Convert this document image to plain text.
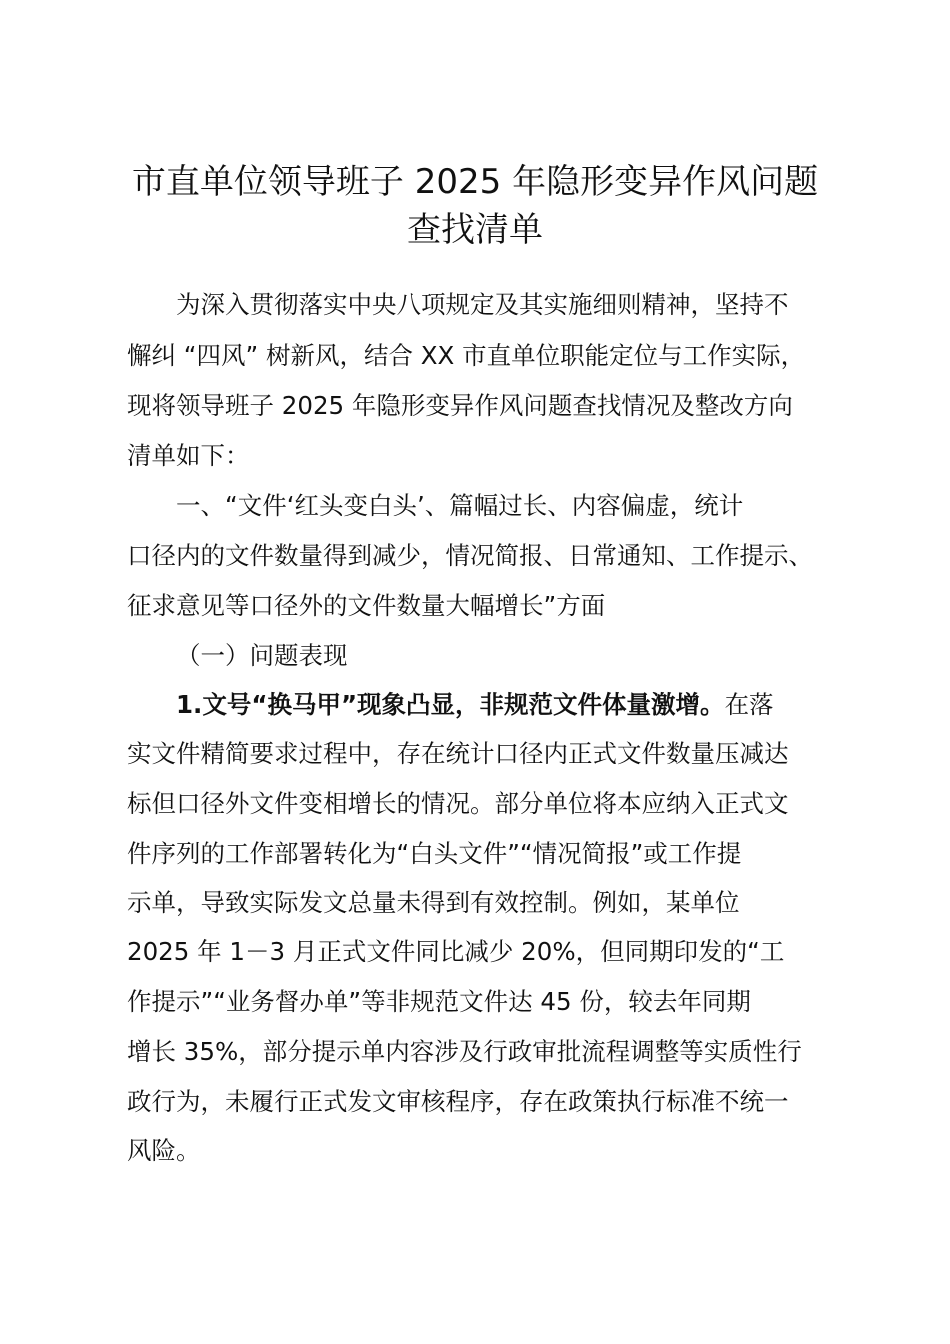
市直单位领导班子 2025 年隐形变异作风问题
查找清单
为深入贯彻落实中央八项规定及其实施细则精神，坚持不
懈纠 “四风” 树新风，结合 XX 市直单位职能定位与工作实际，
现将领导班子 2025 年隐形变异作风问题查找情况及整改方向
清单如下：
一、“文件‘红头变白头’、篇幅过长、内容偏虚，统计
口径内的文件数量得到减少，情况简报、日常通知、工作提示、
征求意见等口径外的文件数量大幅增长”方面
（一）问题表现
1.文号“换马甲”现象凸显，非规范文件体量激增。在落
实文件精简要求过程中，存在统计口径内正式文件数量压减达
标但口径外文件变相增长的情况。部分单位将本应纳入正式文
件序列的工作部署转化为“白头文件”“情况简报”或工作提
示单，导致实际发文总量未得到有效控制。例如，某单位
2025 年 1－3 月正式文件同比减少 20%，但同期印发的“工
作提示”“业务督办单”等非规范文件达 45 份，较去年同期
增长 35%，部分提示单内容涉及行政审批流程调整等实质性行
政行为，未履行正式发文审核程序，存在政策执行标准不统一
风险。
